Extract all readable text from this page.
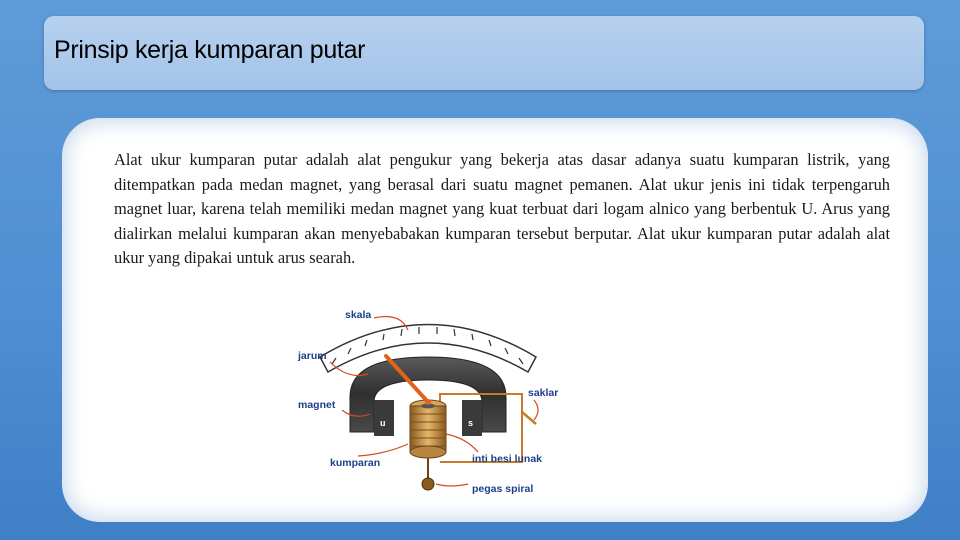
Prinsip kerja kumparan putar

Alat ukur kumparan putar adalah alat pengukur yang bekerja atas dasar adanya suatu kumparan listrik, yang ditempatkan pada medan magnet, yang berasal dari suatu magnet pemanen. Alat ukur jenis ini tidak terpengaruh magnet luar, karena telah memiliki medan magnet yang kuat terbuat dari logam alnico yang berbentuk U. Arus yang dialirkan melalui kumparan akan menyebabakan kumparan tersebut berputar. Alat ukur kumparan putar adalah alat ukur yang dipakai untuk arus searah.

skala
jarum
magnet
kumparan
saklar
inti besi lunak
pegas spiral
u	s
